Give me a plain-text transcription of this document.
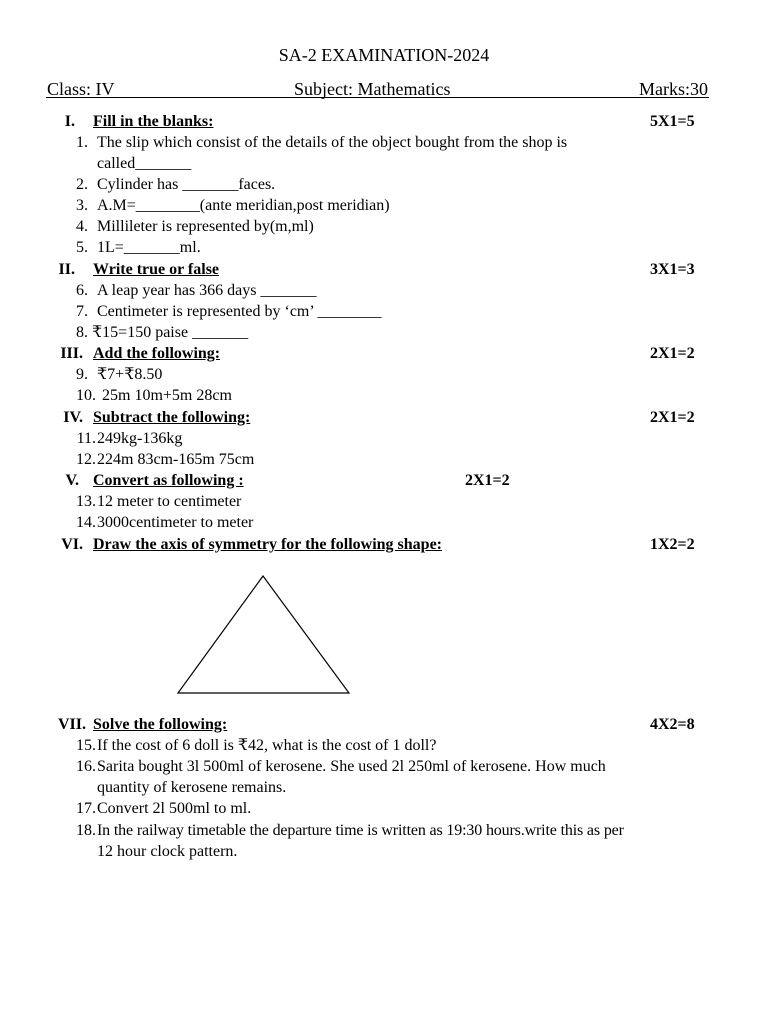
SA-2 EXAMINATION-2024
Class: IV	Subject: Mathematics	Marks:30
I. Fill in the blanks:	5X1=5
1. The slip which consist of the details of the object bought from the shop is
called_______
2. Cylinder has _______faces.
3. A.M=________(ante meridian,post meridian)
4. Millileter is represented by(m,ml)
5. 1L=_______ml.
II. Write true or false	3X1=3
6. A leap year has 366 days _______
7. Centimeter is represented by ‘cm’ ________
8. ₹15=150 paise _______
III. Add the following:	2X1=2
9. ₹7+₹8.50
10. 25m 10m+5m 28cm
IV. Subtract the following:	2X1=2
11. 249kg-136kg
12. 224m 83cm-165m 75cm
V. Convert as following :	2X1=2
13. 12 meter to centimeter
14. 3000centimeter to meter
VI. Draw the axis of symmetry for the following shape:	1X2=2
VII. Solve the following:	4X2=8
15. If the cost of 6 doll is ₹42, what is the cost of 1 doll?
16. Sarita bought 3l 500ml of kerosene. She used 2l 250ml of kerosene. How much
quantity of kerosene remains.
17. Convert 2l 500ml to ml.
18. In the railway timetable the departure time is written as 19:30 hours.write this as per
12 hour clock pattern.
